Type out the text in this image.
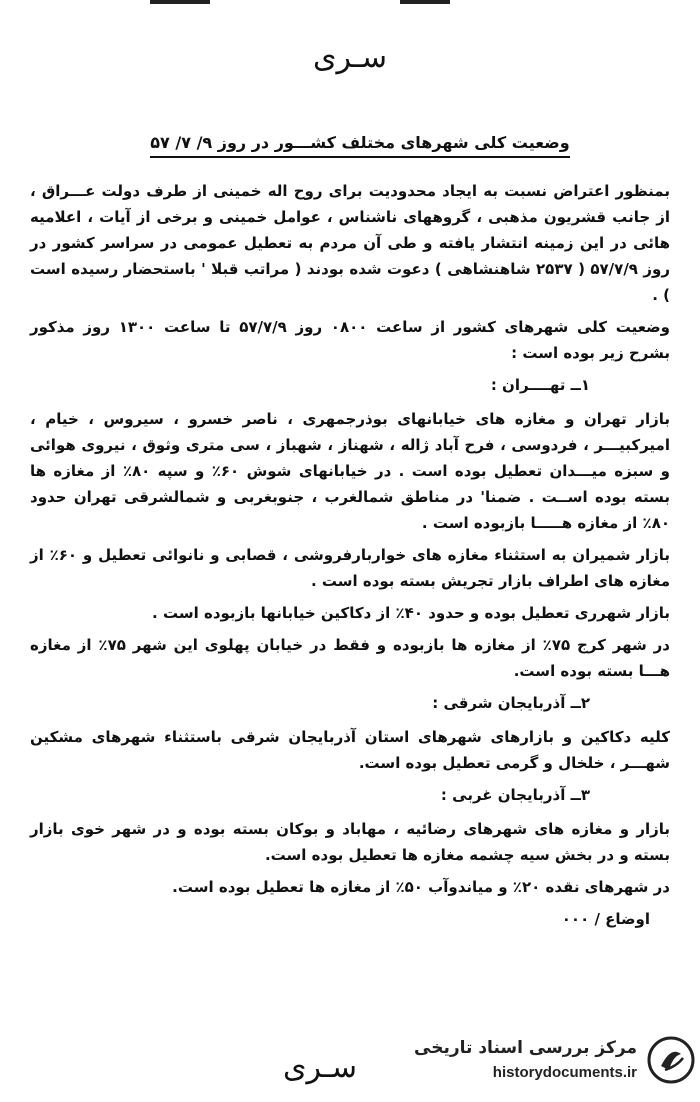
سـرى
وضعیت کلی شهرهای مختلف کشـــور در روز ۹/ ۷/ ۵۷

بمنظور اعتراض نسبت به ایجاد محدودیت برای روح اله خمینی از طرف دولت عـــراق ، از جانب قشریون مذهبی ، گروههای ناشناس ، عوامل خمینی و برخی از آیات ، اعلامیه هائی در این زمینه انتشار یافته و طی آن مردم به تعطیل عمومی در سراسر کشور در روز ۵۷/۷/۹ ( ۲۵۳۷ شاهنشاهی ) دعوت شده بودند ( مراتب قبلا ' باستحضار رسیده است ) .

وضعیت کلی شهرهای کشور از ساعت ۰۸۰۰ روز ۵۷/۷/۹ تا ساعت ۱۳۰۰ روز مذکور بشرح زیر بوده است :

۱ــ تهــــران :

بازار تهران و مغازه های خیابانهای بوذرجمهری ، ناصر خسرو ، سیروس ، خیام ، امیرکبیـــر ، فردوسی ، فرح آباد ژاله ، شهناز ، شهباز ، سی متری وثوق ، نیروی هوائی و سبزه میـــدان تعطیل بوده است . در خیابانهای شوش ۶۰٪ و سپه ۸۰٪ از مغازه ها بسته بوده اســت . ضمنا' در مناطق شمالغرب ، جنوبغربی و شمالشرقی تهران حدود ۸۰٪ از مغازه هـــــا بازبوده است .

بازار شمیران به استثناء مغازه های خواربارفروشی ، قصابی و نانوائی تعطیل و ۶۰٪ از مغازه های اطراف بازار تجریش بسته بوده است .

بازار شهرری تعطیل بوده و حدود ۴۰٪ از دکاکین خیابانها بازبوده است .

در شهر کرج ۷۵٪ از مغازه ها بازبوده و فقط در خیابان پهلوی این شهر ۷۵٪ از مغازه هـــا بسته بوده است.

۲ــ آذربایجان شرقی :

کلیه دکاکین و بازارهای شهرهای استان آذربایجان شرقی باستثناء شهرهای مشکین شهـــر ، خلخال و گرمی تعطیل بوده است.

۳ــ آذربایجان غربی :

بازار و مغازه های شهرهای رضائیه ، مهاباد و بوکان بسته بوده و در شهر خوی بازار بسته و در بخش سیه چشمه مغازه ها تعطیل بوده است.

در شهرهای نقده ۲۰٪ و میاندوآب ۵۰٪ از مغازه ها تعطیل بوده است.

اوضاع / ۰۰۰
سـرى
مرکز بررسی اسناد تاریخی
historydocuments.ir
